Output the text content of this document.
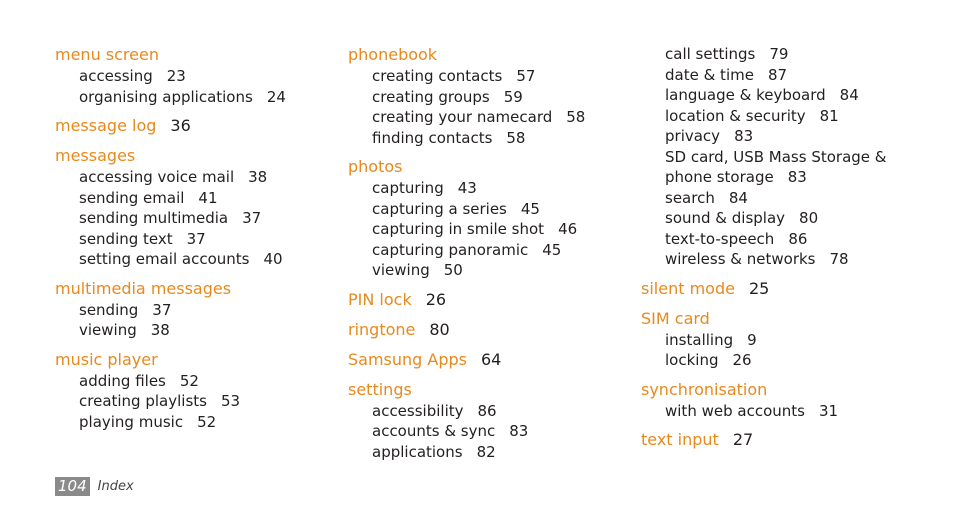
menu screen
accessing 23
organising applications 24
message log 36
messages
accessing voice mail 38
sending email 41
sending multimedia 37
sending text 37
setting email accounts 40
multimedia messages
sending 37
viewing 38
music player
adding files 52
creating playlists 53
playing music 52
phonebook
creating contacts 57
creating groups 59
creating your namecard 58
finding contacts 58
photos
capturing 43
capturing a series 45
capturing in smile shot 46
capturing panoramic 45
viewing 50
PIN lock 26
ringtone 80
Samsung Apps 64
settings
accessibility 86
accounts & sync 83
applications 82
call settings 79
date & time 87
language & keyboard 84
location & security 81
privacy 83
SD card, USB Mass Storage &
phone storage 83
search 84
sound & display 80
text-to-speech 86
wireless & networks 78
silent mode 25
SIM card
installing 9
locking 26
synchronisation
with web accounts 31
text input 27
104 Index
